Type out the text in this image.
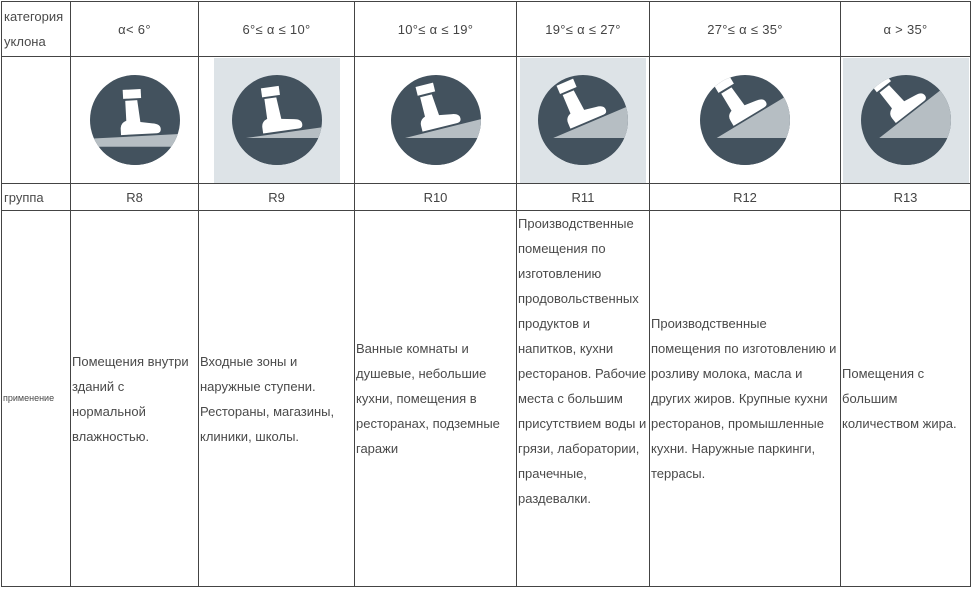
категория уклона	α< 6°	6°≤ α ≤ 10°	10°≤ α ≤ 19°	19°≤ α ≤ 27°	27°≤ α ≤ 35°	α > 35°

группа	R8	R9	R10	R11	R12	R13
применение	Помещения внутри зданий с нормальной влажностью.	Входные зоны и наружные ступени. Рестораны, магазины, клиники, школы.	Ванные комнаты и душевые, небольшие кухни, помещения в ресторанах, подземные гаражи	Производственные помещения по изготовлению продовольственных продуктов и напитков, кухни ресторанов. Рабочие места с большим присутствием воды и грязи, лаборатории, прачечные, раздевалки.	Производственные помещения по изготовлению и розливу молока, масла и других жиров. Крупные кухни ресторанов, промышленные кухни. Наружные паркинги, террасы.	Помещения с большим количеством жира.
